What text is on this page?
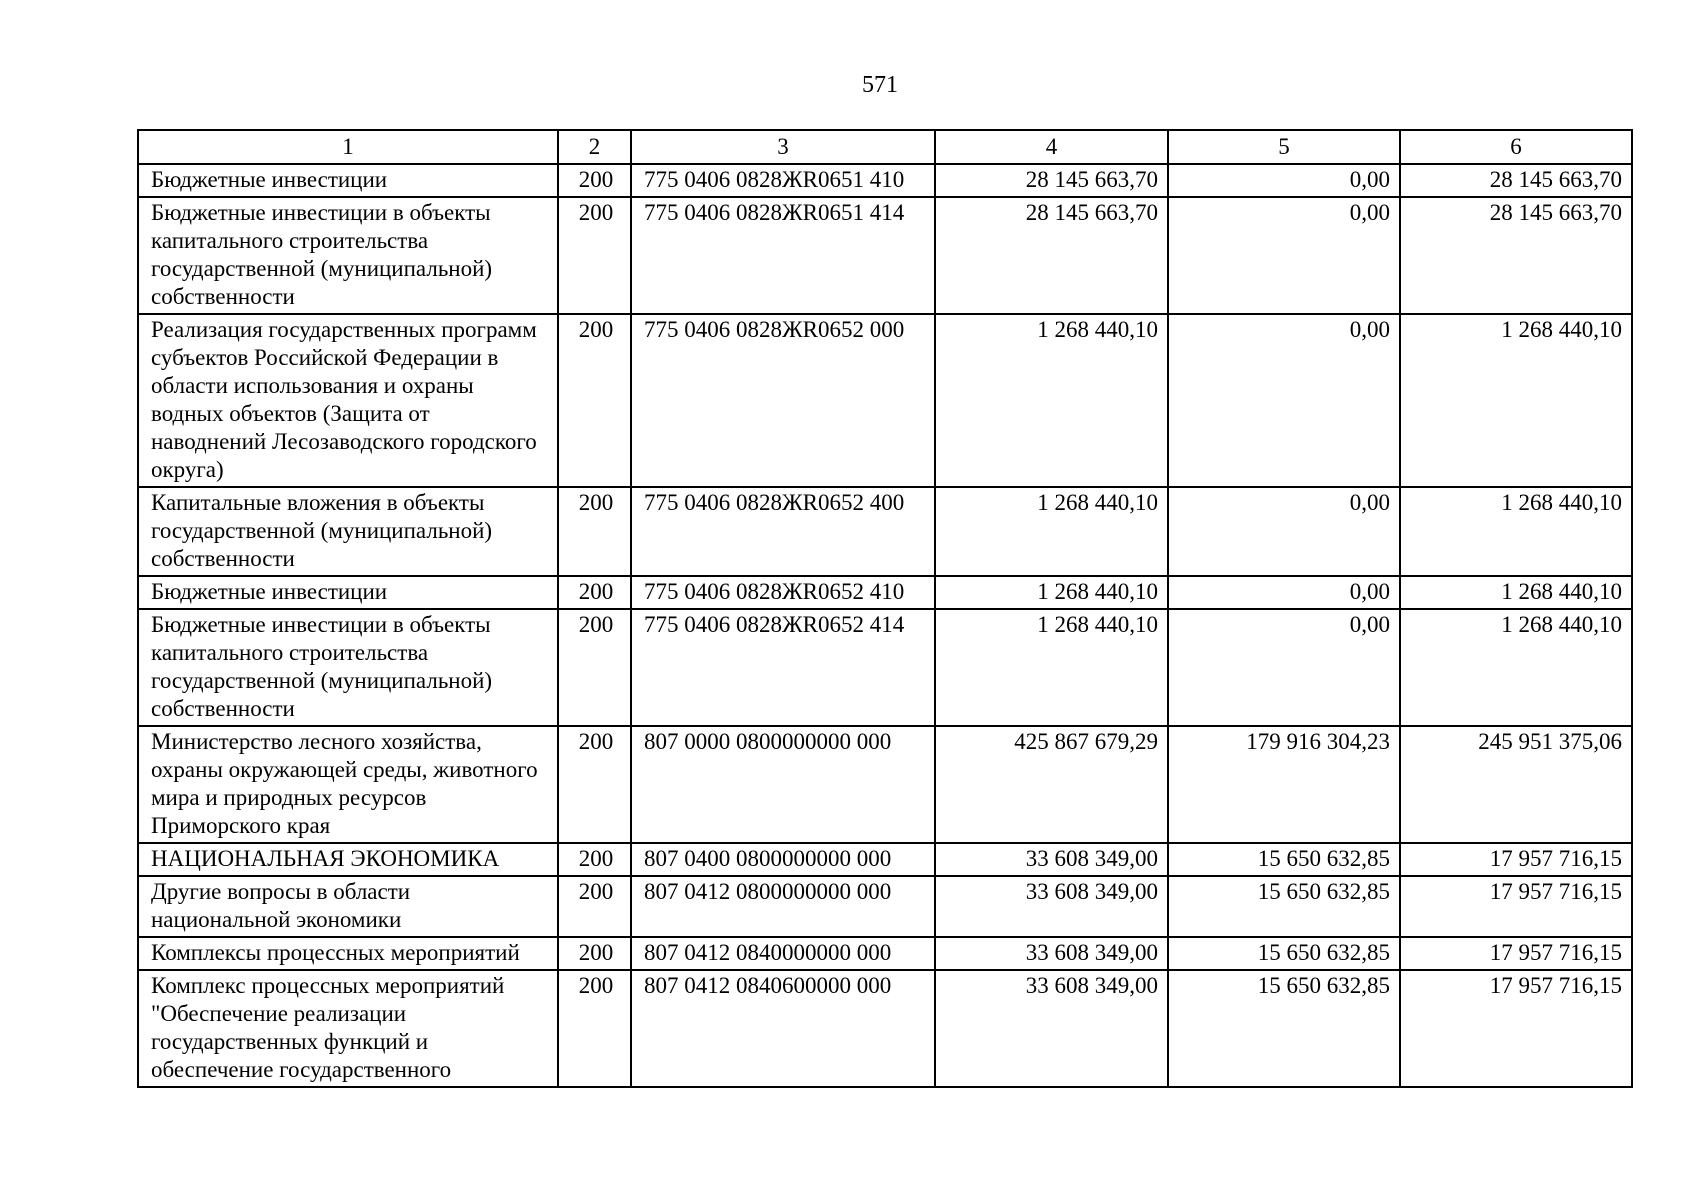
571
1	2	3	4	5	6
Бюджетные инвестиции	200	775 0406 0828ЖR0651 410	28 145 663,70	0,00	28 145 663,70
Бюджетные инвестиции в объекты капитального строительства государственной (муниципальной) собственности	200	775 0406 0828ЖR0651 414	28 145 663,70	0,00	28 145 663,70
Реализация государственных программ субъектов Российской Федерации в области использования и охраны водных объектов (Защита от наводнений Лесозаводского городского округа)	200	775 0406 0828ЖR0652 000	1 268 440,10	0,00	1 268 440,10
Капитальные вложения в объекты государственной (муниципальной) собственности	200	775 0406 0828ЖR0652 400	1 268 440,10	0,00	1 268 440,10
Бюджетные инвестиции	200	775 0406 0828ЖR0652 410	1 268 440,10	0,00	1 268 440,10
Бюджетные инвестиции в объекты капитального строительства государственной (муниципальной) собственности	200	775 0406 0828ЖR0652 414	1 268 440,10	0,00	1 268 440,10
Министерство лесного хозяйства, охраны окружающей среды, животного мира и природных ресурсов Приморского края	200	807 0000 0800000000 000	425 867 679,29	179 916 304,23	245 951 375,06
НАЦИОНАЛЬНАЯ ЭКОНОМИКА	200	807 0400 0800000000 000	33 608 349,00	15 650 632,85	17 957 716,15
Другие вопросы в области национальной экономики	200	807 0412 0800000000 000	33 608 349,00	15 650 632,85	17 957 716,15
Комплексы процессных мероприятий	200	807 0412 0840000000 000	33 608 349,00	15 650 632,85	17 957 716,15
Комплекс процессных мероприятий "Обеспечение реализации государственных функций и обеспечение государственного	200	807 0412 0840600000 000	33 608 349,00	15 650 632,85	17 957 716,15
